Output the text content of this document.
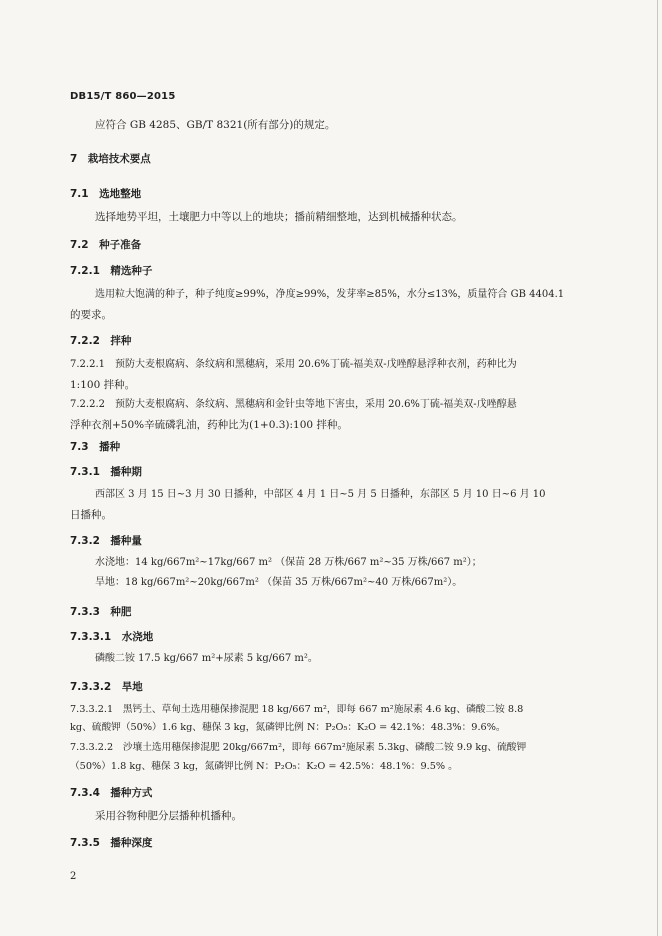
DB15/T 860—2015
应符合 GB 4285、GB/T 8321(所有部分)的规定。
7　栽培技术要点
7.1　选地整地
选择地势平坦，土壤肥力中等以上的地块；播前精细整地，达到机械播种状态。
7.2　种子准备
7.2.1　精选种子
选用粒大饱满的种子，种子纯度≥99%，净度≥99%，发芽率≥85%，水分≤13%，质量符合 GB 4404.1
的要求。
7.2.2　拌种
7.2.2.1　预防大麦根腐病、条纹病和黑穗病，采用 20.6%丁硫-福美双-戊唑醇悬浮种衣剂，药种比为
1:100 拌种。
7.2.2.2　预防大麦根腐病、条纹病、黑穗病和金针虫等地下害虫，采用 20.6%丁硫-福美双-戊唑醇悬
浮种衣剂+50%辛硫磷乳油，药种比为(1+0.3):100 拌种。
7.3　播种
7.3.1　播种期
西部区 3 月 15 日~3 月 30 日播种，中部区 4 月 1 日~5 月 5 日播种，东部区 5 月 10 日~6 月 10
日播种。
7.3.2　播种量
水浇地：14 kg/667m²~17kg/667 m² （保苗 28 万株/667 m²~35 万株/667 m²）；
旱地：18 kg/667m²~20kg/667m² （保苗 35 万株/667m²~40 万株/667m²）。
7.3.3　种肥
7.3.3.1　水浇地
磷酸二铵 17.5 kg/667 m²+尿素 5 kg/667 m²。
7.3.3.2　旱地
7.3.3.2.1　黑钙土、草甸土选用穗保掺混肥 18 kg/667 m²，即每 667 m²施尿素 4.6 kg、磷酸二铵 8.8
kg、硫酸钾（50%）1.6 kg、穗保 3 kg，氮磷钾比例 N：P₂O₅：K₂O = 42.1%：48.3%：9.6%。
7.3.3.2.2　沙壤土选用穗保掺混肥 20kg/667m²，即每 667m²施尿素 5.3kg、磷酸二铵 9.9 kg、硫酸钾
（50%）1.8 kg、穗保 3 kg，氮磷钾比例 N：P₂O₅：K₂O = 42.5%：48.1%：9.5% 。
7.3.4　播种方式
采用谷物种肥分层播种机播种。
7.3.5　播种深度
2
